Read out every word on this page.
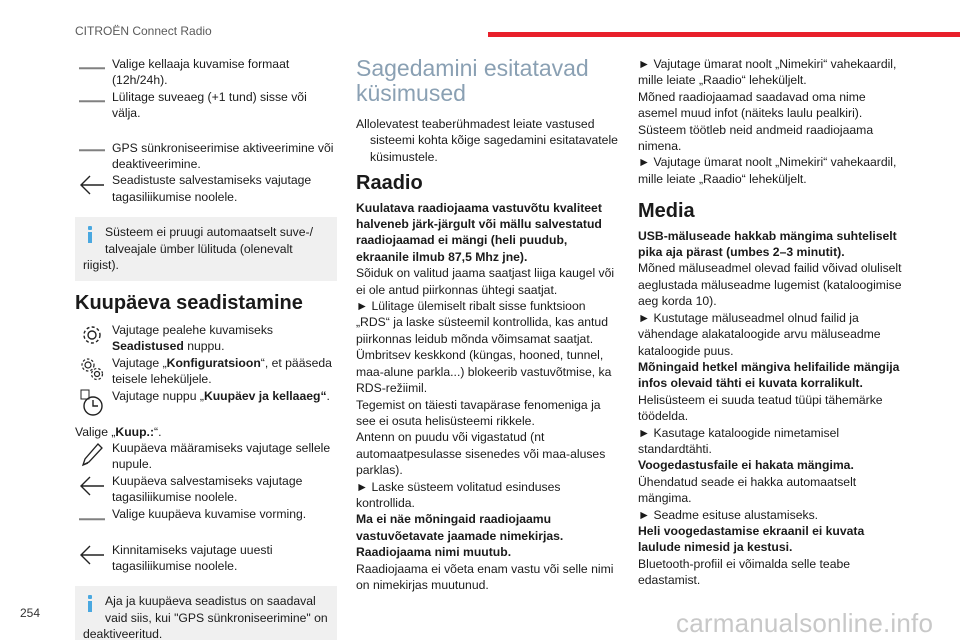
CITROËN Connect Radio
Valige kellaaja kuvamise formaat (12h/24h).
Lülitage suveaeg (+1 tund) sisse või välja.
GPS sünkroniseerimise aktiveerimine või deaktiveerimine.
Seadistuste salvestamiseks vajutage tagasiliikumise noolele.
Süsteem ei pruugi automaatselt suve-/
talveajale ümber lülituda (olenevalt
riigist).
Kuupäeva seadistamine
Vajutage pealehe kuvamiseks Seadistused nuppu.
Vajutage „Konfiguratsioon“, et pääseda teisele leheküljele.
Vajutage nuppu „Kuupäev ja kellaaeg“.

Valige „Kuup.:“.

Kuupäeva määramiseks vajutage sellele nupule.
Kuupäeva salvestamiseks vajutage tagasiliikumise noolele.
Valige kuupäeva kuvamise vorming.
Kinnitamiseks vajutage uuesti tagasiliikumise noolele.
Aja ja kuupäeva seadistus on saadaval
vaid siis, kui "GPS sünkroniseerimine" on
deaktiveeritud.
Sagedamini esitatavad küsimused

Allolevatest teaberühmadest leiate vastused

sisteemi kohta kõige sagedamini esitatavatele küsimustele.

Raadio

Kuulatava raadiojaama vastuvõtu kvaliteet halveneb järk-järgult või mällu salvestatud raadiojaamad ei mängi (heli puudub, ekraanile ilmub 87,5 Mhz jne).

Sõiduk on valitud jaama saatjast liiga kaugel või ei ole antud piirkonnas ühtegi saatjat.

► Lülitage ülemiselt ribalt sisse funktsioon „RDS“ ja laske süsteemil kontrollida, kas antud piirkonnas leidub mõnda võimsamat saatjat.

Ümbritsev keskkond (küngas, hooned, tunnel, maa-alune parkla...) blokeerib vastuvõtmise, ka RDS-režiimil.

Tegemist on täiesti tavapärase fenomeniga ja see ei osuta helisüsteemi rikkele.

Antenn on puudu või vigastatud (nt automaatpesulasse sisenedes või maa-aluses parklas).

► Laske süsteem volitatud esinduses kontrollida.

Ma ei näe mõningaid raadiojaamu vastuvõetavate jaamade nimekirjas.

Raadiojaama nimi muutub.

Raadiojaama ei võeta enam vastu või selle nimi on nimekirjas muutunud.

► Vajutage ümarat noolt „Nimekiri“ vahekaardil, mille leiate „Raadio“ leheküljelt.

Mõned raadiojaamad saadavad oma nime asemel muud infot (näiteks laulu pealkiri). Süsteem töötleb neid andmeid raadiojaama nimena.

► Vajutage ümarat noolt „Nimekiri“ vahekaardil, mille leiate „Raadio“ leheküljelt.

Media

USB-mäluseade hakkab mängima suhteliselt pika aja pärast (umbes 2–3 minutit).

Mõned mäluseadmel olevad failid võivad oluliselt aeglustada mäluseadme lugemist (kataloogimise aeg korda 10).

► Kustutage mäluseadmel olnud failid ja vähendage alakataloogide arvu mäluseadme kataloogide puus.

Mõningaid hetkel mängiva helifailide mängija infos olevaid tähti ei kuvata korralikult.

Helisüsteem ei suuda teatud tüüpi tähemärke töödelda.

► Kasutage kataloogide nimetamisel standardtähti.

Voogedastusfaile ei hakata mängima.

Ühendatud seade ei hakka automaatselt mängima.

► Seadme esituse alustamiseks.

Heli voogedastamise ekraanil ei kuvata laulude nimesid ja kestusi.

Bluetooth-profiil ei võimalda selle teabe edastamist.

254	carmanualsonline.info
